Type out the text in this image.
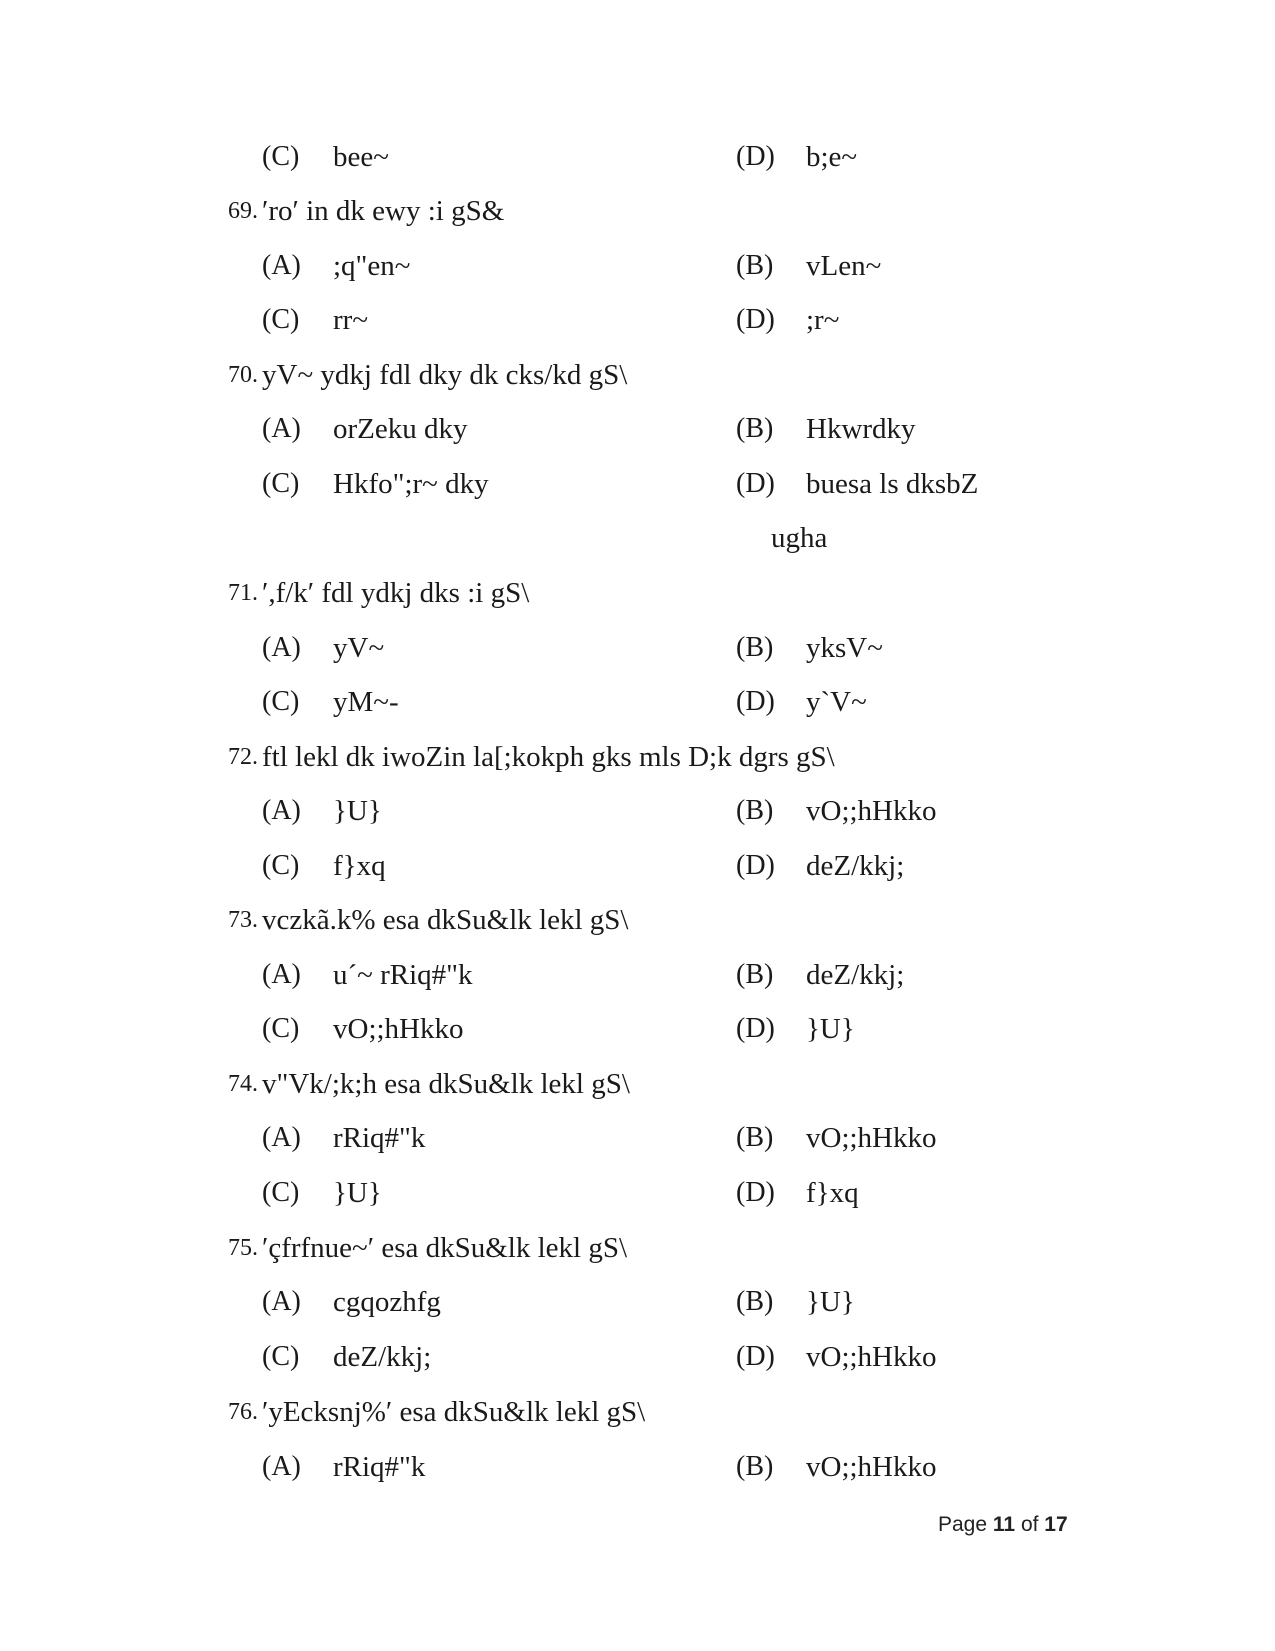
(C) bee~	(D) b;e~
69. ′ro′ in dk ewy :i gS&
(A) ;q"en~	(B) vLen~
(C) rr~	(D) ;r~
70. yV~ ydkj fdl dky dk cks/kd gS\
(A) orZeku dky	(B) Hkwrdky
(C) Hkfo";r~ dky	(D) buesa ls dksbZ
ugha
71. ′,f/k′ fdl ydkj dks :i gS\
(A) yV~	(B) yksV~
(C) yM~-	(D) y`V~
72. ftl lekl dk iwoZin la[;kokph gks mls D;k dgrs gS\
(A) }U}	(B) vO;;hHkko
(C) f}xq	(D) deZ/kkj;
73. vczkã.k% esa dkSu&lk lekl gS\
(A) u´~ rRiq#"k	(B) deZ/kkj;
(C) vO;;hHkko	(D) }U}
74. v"Vk/;k;h esa dkSu&lk lekl gS\
(A) rRiq#"k	(B) vO;;hHkko
(C) }U}	(D) f}xq
75. ′çfrfnue~′ esa dkSu&lk lekl gS\
(A) cgqozhfg	(B) }U}
(C) deZ/kkj;	(D) vO;;hHkko
76. ′yEcksnj%′ esa dkSu&lk lekl gS\
(A) rRiq#"k	(B) vO;;hHkko
Page 11 of 17
